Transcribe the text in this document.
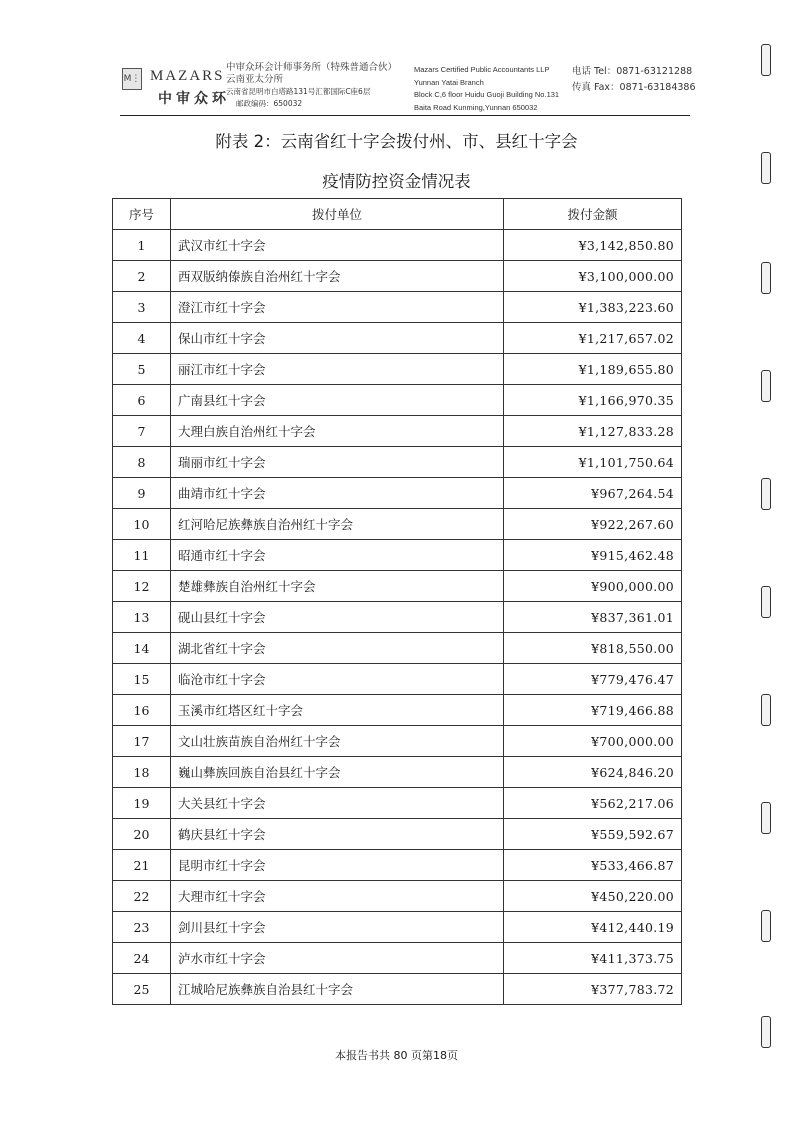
M⋮ MAZARS
中审众环
中审众环会计师事务所（特殊普通合伙）
云南亚太分所
云南省昆明市白塔路131号汇都国际C座6层
邮政编码：650032
Mazars Certified Public Accountants LLP
Yunnan Yatai Branch
Block C,6 floor Huidu Guoji Building No.131
Baita Road Kunming,Yunnan 650032
电话 Tel：0871-63121288
传真 Fax：0871-63184386
附表 2：云南省红十字会拨付州、市、县红十字会
疫情防控资金情况表
序号	拨付单位	拨付金额
1	武汉市红十字会	¥3,142,850.80
2	西双版纳傣族自治州红十字会	¥3,100,000.00
3	澄江市红十字会	¥1,383,223.60
4	保山市红十字会	¥1,217,657.02
5	丽江市红十字会	¥1,189,655.80
6	广南县红十字会	¥1,166,970.35
7	大理白族自治州红十字会	¥1,127,833.28
8	瑞丽市红十字会	¥1,101,750.64
9	曲靖市红十字会	¥967,264.54
10	红河哈尼族彝族自治州红十字会	¥922,267.60
11	昭通市红十字会	¥915,462.48
12	楚雄彝族自治州红十字会	¥900,000.00
13	砚山县红十字会	¥837,361.01
14	湖北省红十字会	¥818,550.00
15	临沧市红十字会	¥779,476.47
16	玉溪市红塔区红十字会	¥719,466.88
17	文山壮族苗族自治州红十字会	¥700,000.00
18	巍山彝族回族自治县红十字会	¥624,846.20
19	大关县红十字会	¥562,217.06
20	鹤庆县红十字会	¥559,592.67
21	昆明市红十字会	¥533,466.87
22	大理市红十字会	¥450,220.00
23	剑川县红十字会	¥412,440.19
24	泸水市红十字会	¥411,373.75
25	江城哈尼族彝族自治县红十字会	¥377,783.72
本报告书共 80 页第18页
